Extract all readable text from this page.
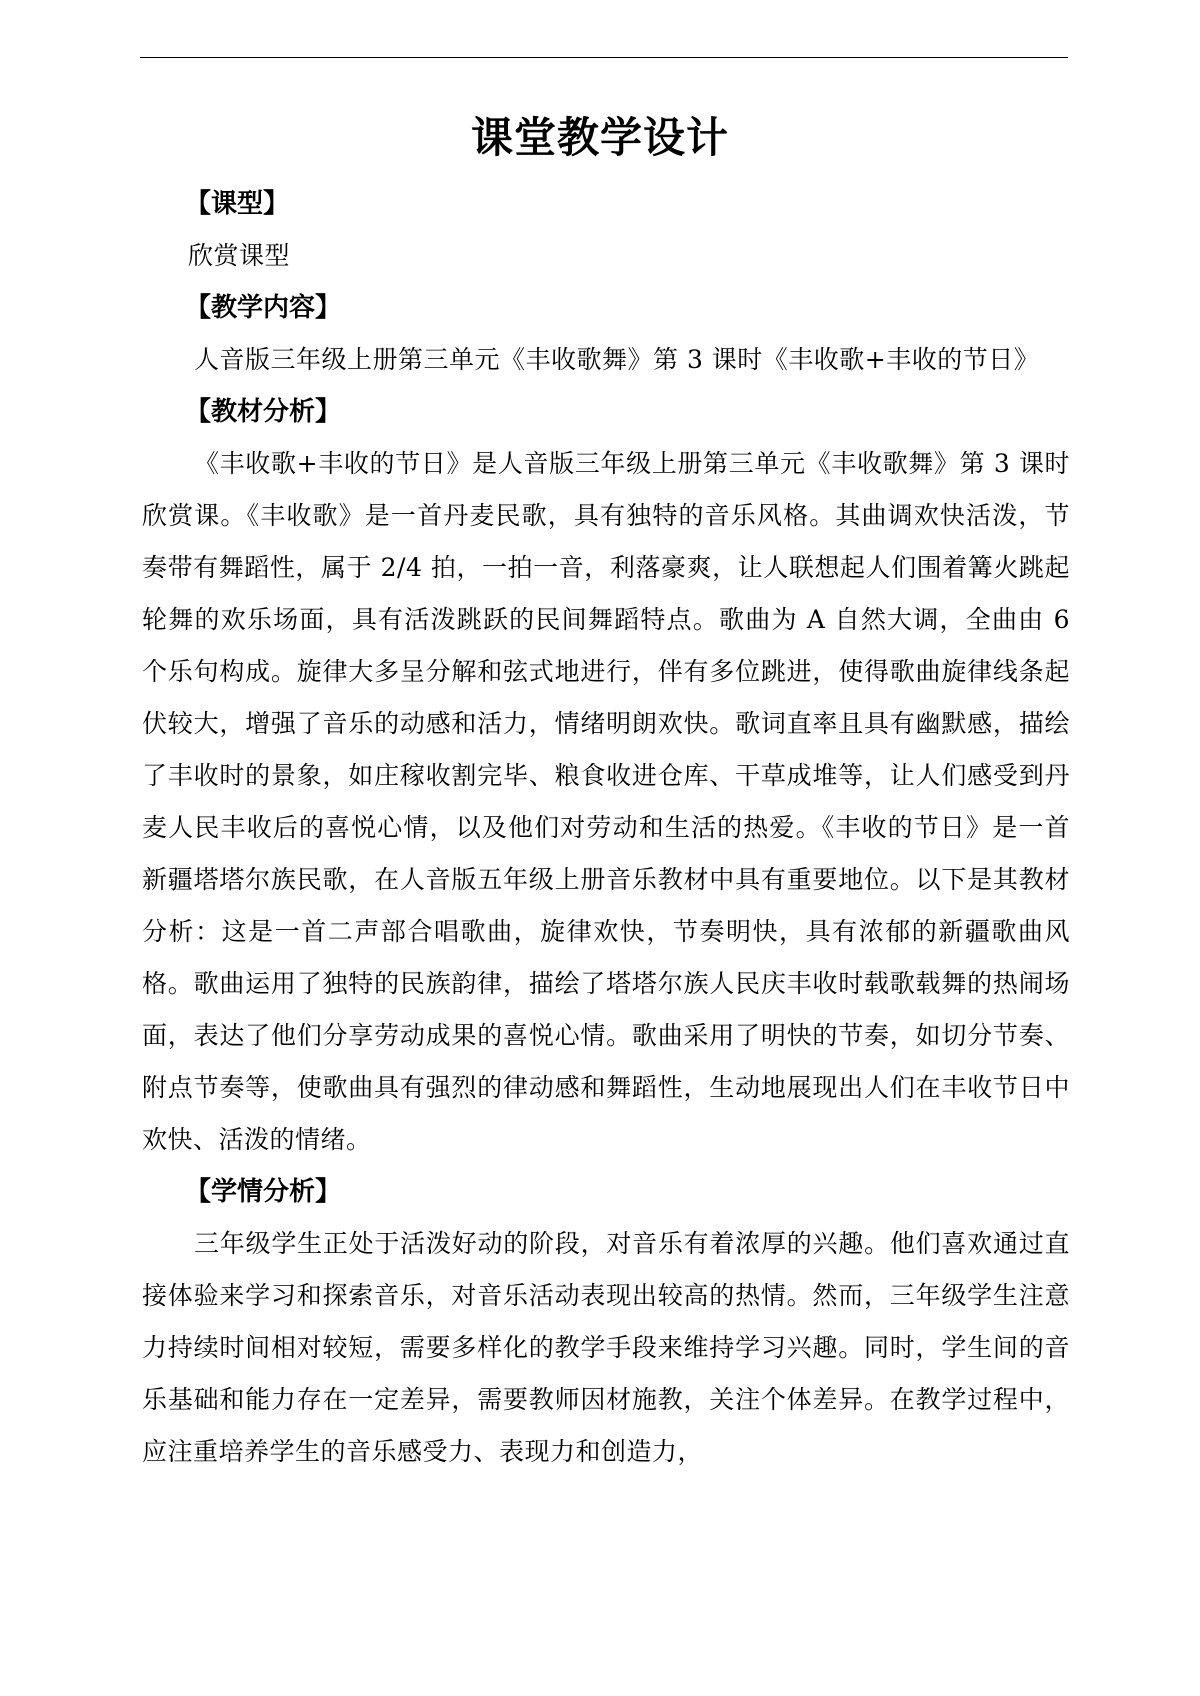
课堂教学设计
【课型】

欣赏课型

【教学内容】

人音版三年级上册第三单元《丰收歌舞》第 3 课时《丰收歌+丰收的节日》

【教材分析】

《丰收歌+丰收的节日》是人音版三年级上册第三单元《丰收歌舞》第 3 课时欣赏课。《丰收歌》是一首丹麦民歌，具有独特的音乐风格。其曲调欢快活泼，节奏带有舞蹈性，属于 2/4 拍，一拍一音，利落豪爽，让人联想起人们围着篝火跳起轮舞的欢乐场面，具有活泼跳跃的民间舞蹈特点。歌曲为 A 自然大调，全曲由 6 个乐句构成。旋律大多呈分解和弦式地进行，伴有多位跳进，使得歌曲旋律线条起伏较大，增强了音乐的动感和活力，情绪明朗欢快。歌词直率且具有幽默感，描绘了丰收时的景象，如庄稼收割完毕、粮食收进仓库、干草成堆等，让人们感受到丹麦人民丰收后的喜悦心情，以及他们对劳动和生活的热爱。《丰收的节日》是一首新疆塔塔尔族民歌，在人音版五年级上册音乐教材中具有重要地位。以下是其教材分析：这是一首二声部合唱歌曲，旋律欢快，节奏明快，具有浓郁的新疆歌曲风格。歌曲运用了独特的民族韵律，描绘了塔塔尔族人民庆丰收时载歌载舞的热闹场面，表达了他们分享劳动成果的喜悦心情。歌曲采用了明快的节奏，如切分节奏、附点节奏等，使歌曲具有强烈的律动感和舞蹈性，生动地展现出人们在丰收节日中欢快、活泼的情绪。

【学情分析】

三年级学生正处于活泼好动的阶段，对音乐有着浓厚的兴趣。他们喜欢通过直接体验来学习和探索音乐，对音乐活动表现出较高的热情。然而，三年级学生注意力持续时间相对较短，需要多样化的教学手段来维持学习兴趣。同时，学生间的音乐基础和能力存在一定差异，需要教师因材施教，关注个体差异。在教学过程中，应注重培养学生的音乐感受力、表现力和创造力，
